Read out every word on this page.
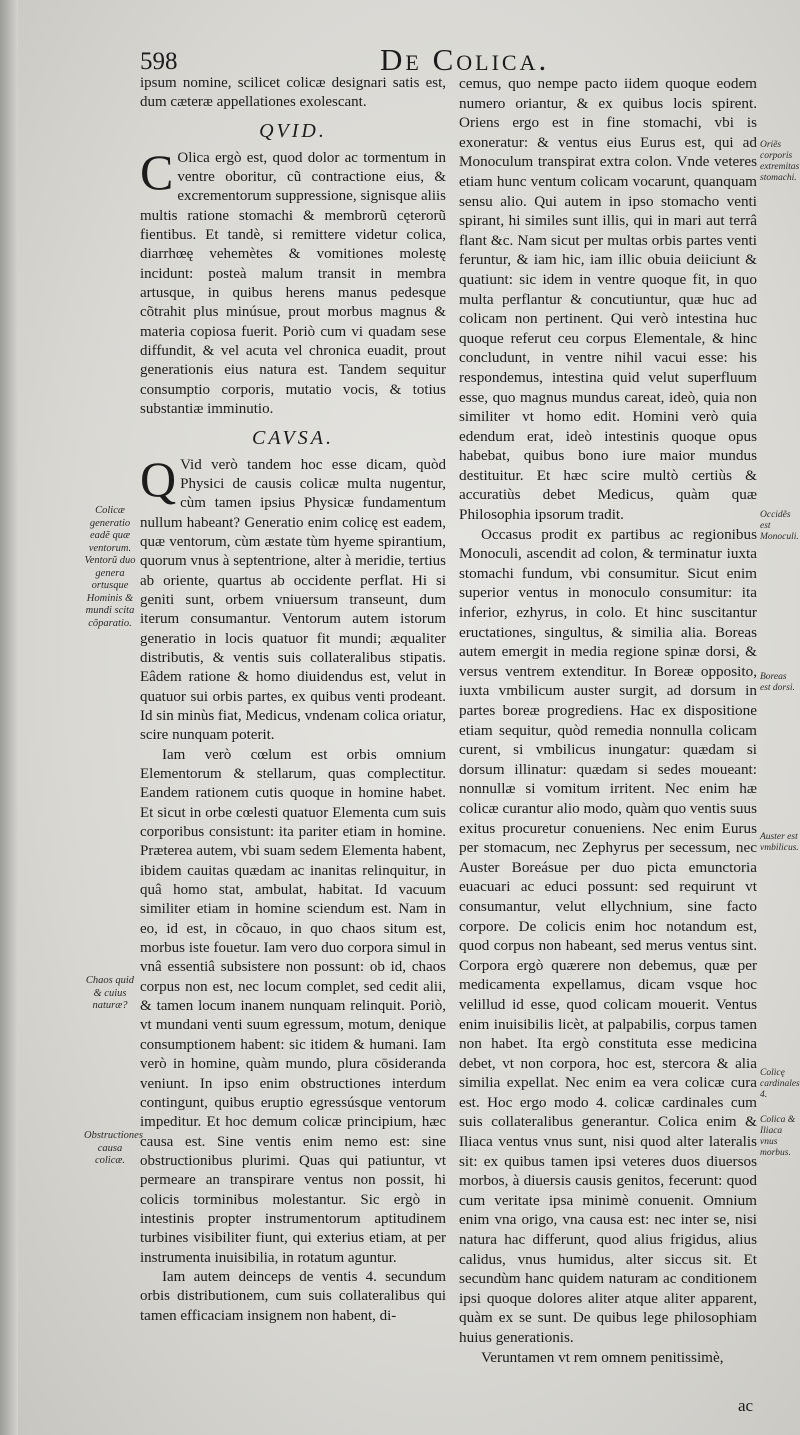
598	De Colica.

ipsum nomine, scilicet colicæ designari satis est, dum cæteræ appellationes exolescant.

QVID.

C Olica ergò est, quod dolor ac tormentum in ventre oboritur, cũ contractione eius, & excrementorum suppressione, signisque aliis multis ratione stomachi & membrorũ cęterorũ fientibus. Et tandè, si remittere videtur colica, diarrhœę vehemètes & vomitiones molestę incidunt: posteà malum transit in membra artusque, in quibus herens manus pedesque cõtrahit plus minúsue, prout morbus magnus & materia copiosa fuerit. Poriò cum vi quadam sese diffundit, & vel acuta vel chronica euadit, prout generationis eius natura est. Tandem sequitur consumptio corporis, mutatio vocis, & totius substantiæ imminutio.

CAVSA.

Q Vid verò tandem hoc esse dicam, quòd Physici de causis colicæ multa nugentur, cùm tamen ipsius Physicæ fundamentum nullum habeant? Generatio enim colicę est eadem, quæ ventorum, cùm æstate tùm hyeme spirantium, quorum vnus à septentrione, alter à meridie, tertius ab oriente, quartus ab occidente perflat. Hi si geniti sunt, orbem vniuersum transeunt, dum iterum consumantur. Ventorum autem istorum generatio in locis quatuor fit mundi; æqualiter distributis, & ventis suis collateralibus stipatis. Eâdem ratione & homo diuidendus est, velut in quatuor sui orbis partes, ex quibus venti prodeant. Id sin minùs fiat, Medicus, vndenam colica oriatur, scire nunquam poterit.

Iam verò cœlum est orbis omnium Elementorum & stellarum, quas complectitur. Eandem rationem cutis quoque in homine habet. Et sicut in orbe cœlesti quatuor Elementa cum suis corporibus consistunt: ita pariter etiam in homine. Præterea autem, vbi suam sedem Elementa habent, ibidem cauitas quædam ac inanitas relinquitur, in quâ homo stat, ambulat, habitat. Id vacuum similiter etiam in homine sciendum est. Nam in eo, id est, in cõcauo, in quo chaos situm est, morbus iste fouetur. Iam vero duo corpora simul in vnâ essentiâ subsistere non possunt: ob id, chaos corpus non est, nec locum complet, sed cedit alii, & tamen locum inanem nunquam relinquit. Poriò, vt mundani venti suum egressum, motum, denique consumptionem habent: sic itidem & humani. Iam verò in homine, quàm mundo, plura cōsideranda veniunt. In ipso enim obstructiones interdum contingunt, quibus eruptio egressúsque ventorum impeditur. Et hoc demum colicæ principium, hæc causa est. Sine ventis enim nemo est: sine obstructionibus plurimi. Quas qui patiuntur, vt permeare an transpirare ventus non possit, hi colicis torminibus molestantur. Sic ergò in intestinis propter instrumentorum aptitudinem turbines visibiliter fiunt, qui exterius etiam, at per instrumenta inuisibilia, in rotatum aguntur.

Iam autem deinceps de ventis 4. secundum orbis distributionem, cum suis collateralibus qui tamen efficaciam insignem non habent, di-

cemus, quo nempe pacto iidem quoque eodem numero oriantur, & ex quibus locis spirent. Oriens ergo est in fine stomachi, vbi is exoneratur: & ventus eius Eurus est, qui ad Monoculum transpirat extra colon. Vnde veteres etiam hunc ventum colicam vocarunt, quanquam sensu alio. Qui autem in ipso stomacho venti spirant, hi similes sunt illis, qui in mari aut terrâ flant &c. Nam sicut per multas orbis partes venti feruntur, & iam hic, iam illic obuia deiiciunt & quatiunt: sic idem in ventre quoque fit, in quo multa perflantur & concutiuntur, quæ huc ad colicam non pertinent. Qui verò intestina huc quoque referut ceu corpus Elementale, & hinc concludunt, in ventre nihil vacui esse: his respondemus, intestina quid velut superfluum esse, quo magnus mundus careat, ideò, quia non similiter vt homo edit. Homini verò quia edendum erat, ideò intestinis quoque opus habebat, quibus bono iure maior mundus destituitur. Et hæc scire multò certiùs & accuratiùs debet Medicus, quàm quæ Philosophia ipsorum tradit.

Occasus prodit ex partibus ac regionibus Monoculi, ascendit ad colon, & terminatur iuxta stomachi fundum, vbi consumitur. Sicut enim superior ventus in monoculo consumitur: ita inferior, ezhyrus, in colo. Et hinc suscitantur eructationes, singultus, & similia alia. Boreas autem emergit in media regione spinæ dorsi, & versus ventrem extenditur. In Boreæ opposito, iuxta vmbilicum auster surgit, ad dorsum in partes boreæ progrediens. Hac ex dispositione etiam sequitur, quòd remedia nonnulla colicam curent, si vmbilicus inungatur: quædam si dorsum illinatur: quædam si sedes moueant: nonnullæ si vomitum irritent. Nec enim hæ colicæ curantur alio modo, quàm quo ventis suus exitus procuretur conueniens. Nec enim Eurus per stomacum, nec Zephyrus per secessum, nec Auster Boreásue per duo picta emunctoria euacuari ac educi possunt: sed requirunt vt consumantur, velut ellychnium, sine facto corpore. De colicis enim hoc notandum est, quod corpus non habeant, sed merus ventus sint. Corpora ergò quærere non debemus, quæ per medicamenta expellamus, dicam vsque hoc velillud id esse, quod colicam mouerit. Ventus enim inuisibilis licèt, at palpabilis, corpus tamen non habet. Ita ergò constituta esse medicina debet, vt non corpora, hoc est, stercora & alia similia expellat. Nec enim ea vera colicæ cura est. Hoc ergo modo 4. colicæ cardinales cum suis collateralibus generantur. Colica enim & Iliaca ventus vnus sunt, nisi quod alter lateralis sit: ex quibus tamen ipsi veteres duos diuersos morbos, à diuersis causis genitos, fecerunt: quod cum veritate ipsa minimè conuenit. Omnium enim vna origo, vna causa est: nec inter se, nisi natura hac differunt, quod alius frigidus, alius calidus, vnus humidus, alter siccus sit. Et secundùm hanc quidem naturam ac conditionem ipsi quoque dolores aliter atque aliter apparent, quàm ex se sunt. De quibus lege philosophiam huius generationis.

Veruntamen vt rem omnem penitissimè,

Colicæ generatio eadẽ quæ ventorum. Ventorũ duo genera ortusque Hominis & mundi scita cõparatio.
Chaos quid & cuius naturæ?
Obstructiones causa colicæ.
Oriẽs corporis extremitas stomachi.
Occidẽs est Monoculi.
Boreas est dorsi.
Auster est vmbilicus.
Colicę cardinales 4.
Colica & Iliaca vnus morbus.
ac
